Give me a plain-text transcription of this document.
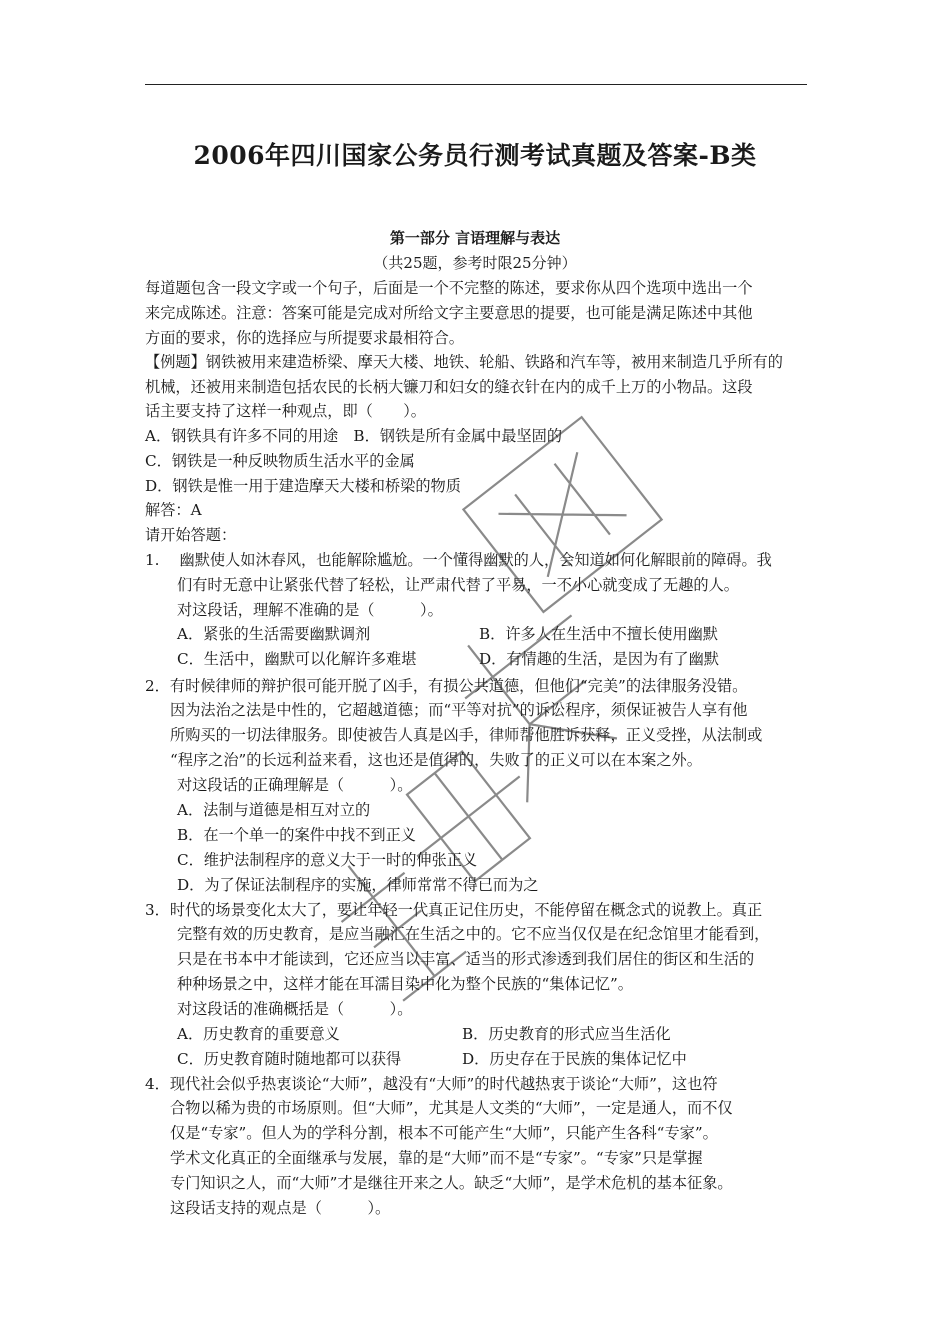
2006年四川国家公务员行测考试真题及答案-B类
第一部分 言语理解与表达
（共25题，参考时限25分钟）
每道题包含一段文字或一个句子，后面是一个不完整的陈述，要求你从四个选项中选出一个
来完成陈述。注意：答案可能是完成对所给文字主要意思的提要，也可能是满足陈述中其他
方面的要求，你的选择应与所提要求最相符合。
【例题】钢铁被用来建造桥梁、摩天大楼、地铁、轮船、铁路和汽车等，被用来制造几乎所有的
机械，还被用来制造包括农民的长柄大镰刀和妇女的缝衣针在内的成千上万的小物品。这段
话主要支持了这样一种观点，即（　　）。
A．钢铁具有许多不同的用途　B．钢铁是所有金属中最坚固的
C．钢铁是一种反映物质生活水平的金属
D．钢铁是惟一用于建造摩天大楼和桥梁的物质
解答：A
请开始答题：
1.　 幽默使人如沐春风，也能解除尴尬。一个懂得幽默的人，会知道如何化解眼前的障碍。我
们有时无意中让紧张代替了轻松，让严肃代替了平易，一不小心就变成了无趣的人。
对这段话，理解不准确的是（　　　）。
A．紧张的生活需要幽默调剂	B．许多人在生活中不擅长使用幽默
C．生活中，幽默可以化解许多难堪	D．有情趣的生活，是因为有了幽默
2．有时候律师的辩护很可能开脱了凶手，有损公共道德，但他们“完美”的法律服务没错。
因为法治之法是中性的，它超越道德；而“平等对抗”的诉讼程序，须保证被告人享有他
所购买的一切法律服务。即使被告人真是凶手，律师帮他胜诉获释，正义受挫，从法制或
“程序之治”的长远利益来看，这也还是值得的，失败了的正义可以在本案之外。
对这段话的正确理解是（　　　）。
A．法制与道德是相互对立的
B．在一个单一的案件中找不到正义
C．维护法制程序的意义大于一时的伸张正义
D．为了保证法制程序的实施，律师常常不得已而为之
3．时代的场景变化太大了，要让年轻一代真正记住历史，不能停留在概念式的说教上。真正
完整有效的历史教育，是应当融汇在生活之中的。它不应当仅仅是在纪念馆里才能看到，
只是在书本中才能读到，它还应当以丰富、适当的形式渗透到我们居住的街区和生活的
种种场景之中，这样才能在耳濡目染中化为整个民族的“集体记忆”。
对这段话的准确概括是（　　　）。
A．历史教育的重要意义	B．历史教育的形式应当生活化
C．历史教育随时随地都可以获得	D．历史存在于民族的集体记忆中
4．现代社会似乎热衷谈论“大师”，越没有“大师”的时代越热衷于谈论“大师”，这也符
合物以稀为贵的市场原则。但“大师”，尤其是人文类的“大师”，一定是通人，而不仅
仅是“专家”。但人为的学科分割，根本不可能产生“大师”，只能产生各科“专家”。
学术文化真正的全面继承与发展，靠的是“大师”而不是“专家”。“专家”只是掌握
专门知识之人，而“大师”才是继往开来之人。缺乏“大师”，是学术危机的基本征象。
这段话支持的观点是（　　　）。
